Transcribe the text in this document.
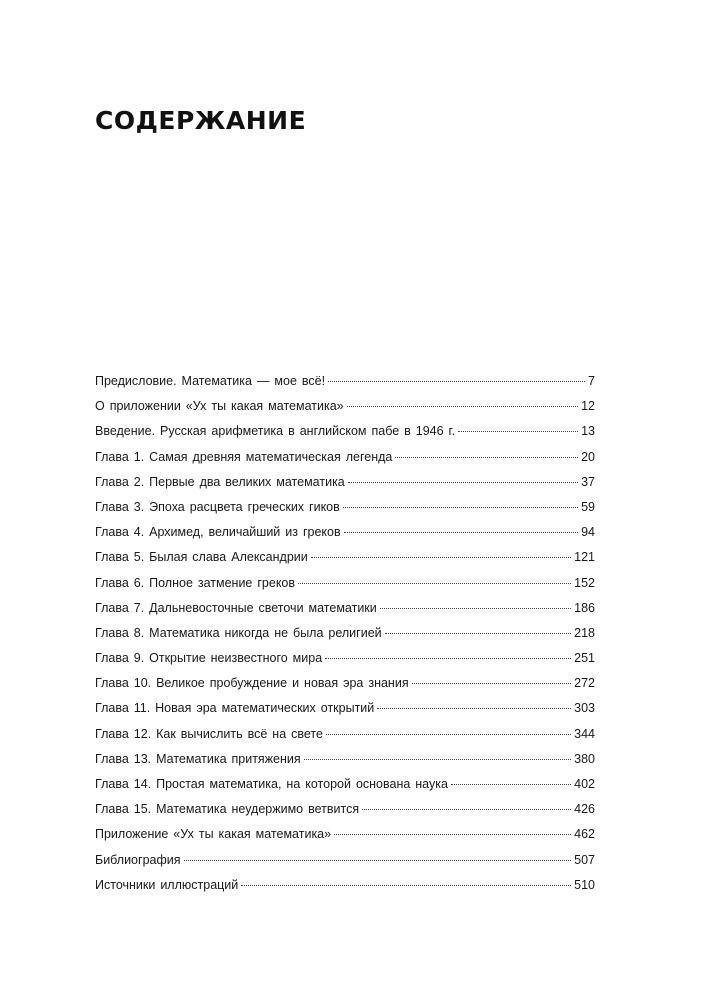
СОДЕРЖАНИЕ
Предисловие. Математика — мое всё!	7
О приложении «Ух ты какая математика»	12
Введение. Русская арифметика в английском пабе в 1946 г.	13
Глава 1. Самая древняя математическая легенда	20
Глава 2. Первые два великих математика	37
Глава 3. Эпоха расцвета греческих гиков	59
Глава 4. Архимед, величайший из греков	94
Глава 5. Былая слава Александрии	121
Глава 6. Полное затмение греков	152
Глава 7. Дальневосточные светочи математики	186
Глава 8. Математика никогда не была религией	218
Глава 9. Открытие неизвестного мира	251
Глава 10. Великое пробуждение и новая эра знания	272
Глава 11. Новая эра математических открытий	303
Глава 12. Как вычислить всё на свете	344
Глава 13. Математика притяжения	380
Глава 14. Простая математика, на которой основана наука	402
Глава 15. Математика неудержимо ветвится	426
Приложение «Ух ты какая математика»	462
Библиография	507
Источники иллюстраций	510
